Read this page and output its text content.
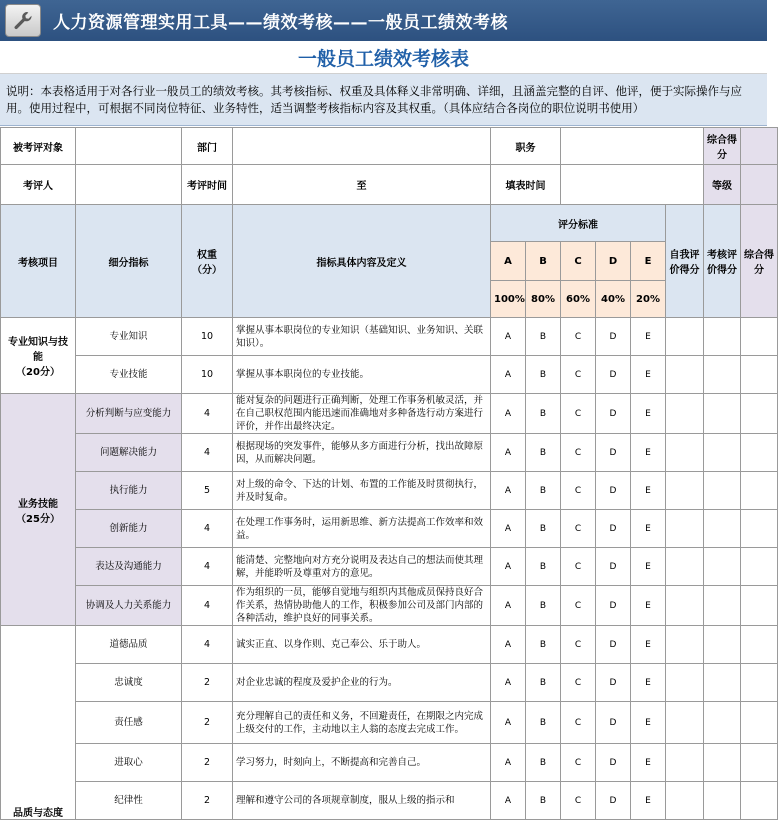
人力资源管理实用工具——绩效考核——一般员工绩效考核
一般员工绩效考核表
说明：本表格适用于对各行业一般员工的绩效考核。其考核指标、权重及具体释义非常明确、详细，且涵盖完整的自评、他评，便于实际操作与应用。使用过程中，可根据不同岗位特征、业务特性，适当调整考核指标内容及其权重。（具体应结合各岗位的职位说明书使用）
被考评对象		部门		职务						综合得分	
考评人		考评时间	至	填表时间						等级	
考核项目	细分指标	权重（分）	指标具体内容及定义	评分标准					自我评价得分	考核评价得分	综合得分
				A	B	C	D	E			
				100%	80%	60%	40%	20%			

专业知识与技能
（20分）	专业知识	10	掌握从事本职岗位的专业知识（基础知识、业务知识、关联知识）。	A	B	C	D	E			
	专业技能	10	掌握从事本职岗位的专业技能。	A	B	C	D	E			

业务技能
（25分）	分析判断与应变能力	4	能对复杂的问题进行正确判断，处理工作事务机敏灵活，并在自己职权范围内能迅速而准确地对多种备选行动方案进行评价，并作出最终决定。	A	B	C	D	E			
	问题解决能力	4	根据现场的突发事件，能够从多方面进行分析，找出故障原因，从而解决问题。	A	B	C	D	E			
	执行能力	5	对上级的命令、下达的计划、布置的工作能及时贯彻执行，并及时复命。	A	B	C	D	E			
	创新能力	4	在处理工作事务时，运用新思维、新方法提高工作效率和效益。	A	B	C	D	E			
	表达及沟通能力	4	能清楚、完整地向对方充分说明及表达自己的想法而使其理解，并能聆听及尊重对方的意见。	A	B	C	D	E			
	协调及人力关系能力	4	作为组织的一员，能够自觉地与组织内其他成员保持良好合作关系，热情协助他人的工作，积极参加公司及部门内部的各种活动，维护良好的同事关系。	A	B	C	D	E			

品质与态度	道德品质	4	诚实正直、以身作则、克己奉公、乐于助人。	A	B	C	D	E			
	忠诚度	2	对企业忠诚的程度及爱护企业的行为。	A	B	C	D	E			
	责任感	2	充分理解自己的责任和义务，不回避责任，在期限之内完成上级交付的工作，主动地以主人翁的态度去完成工作。	A	B	C	D	E			
	进取心	2	学习努力，时刻向上，不断提高和完善自己。	A	B	C	D	E			
	纪律性	2	理解和遵守公司的各项规章制度，服从上级的指示和	A	B	C	D	E			
